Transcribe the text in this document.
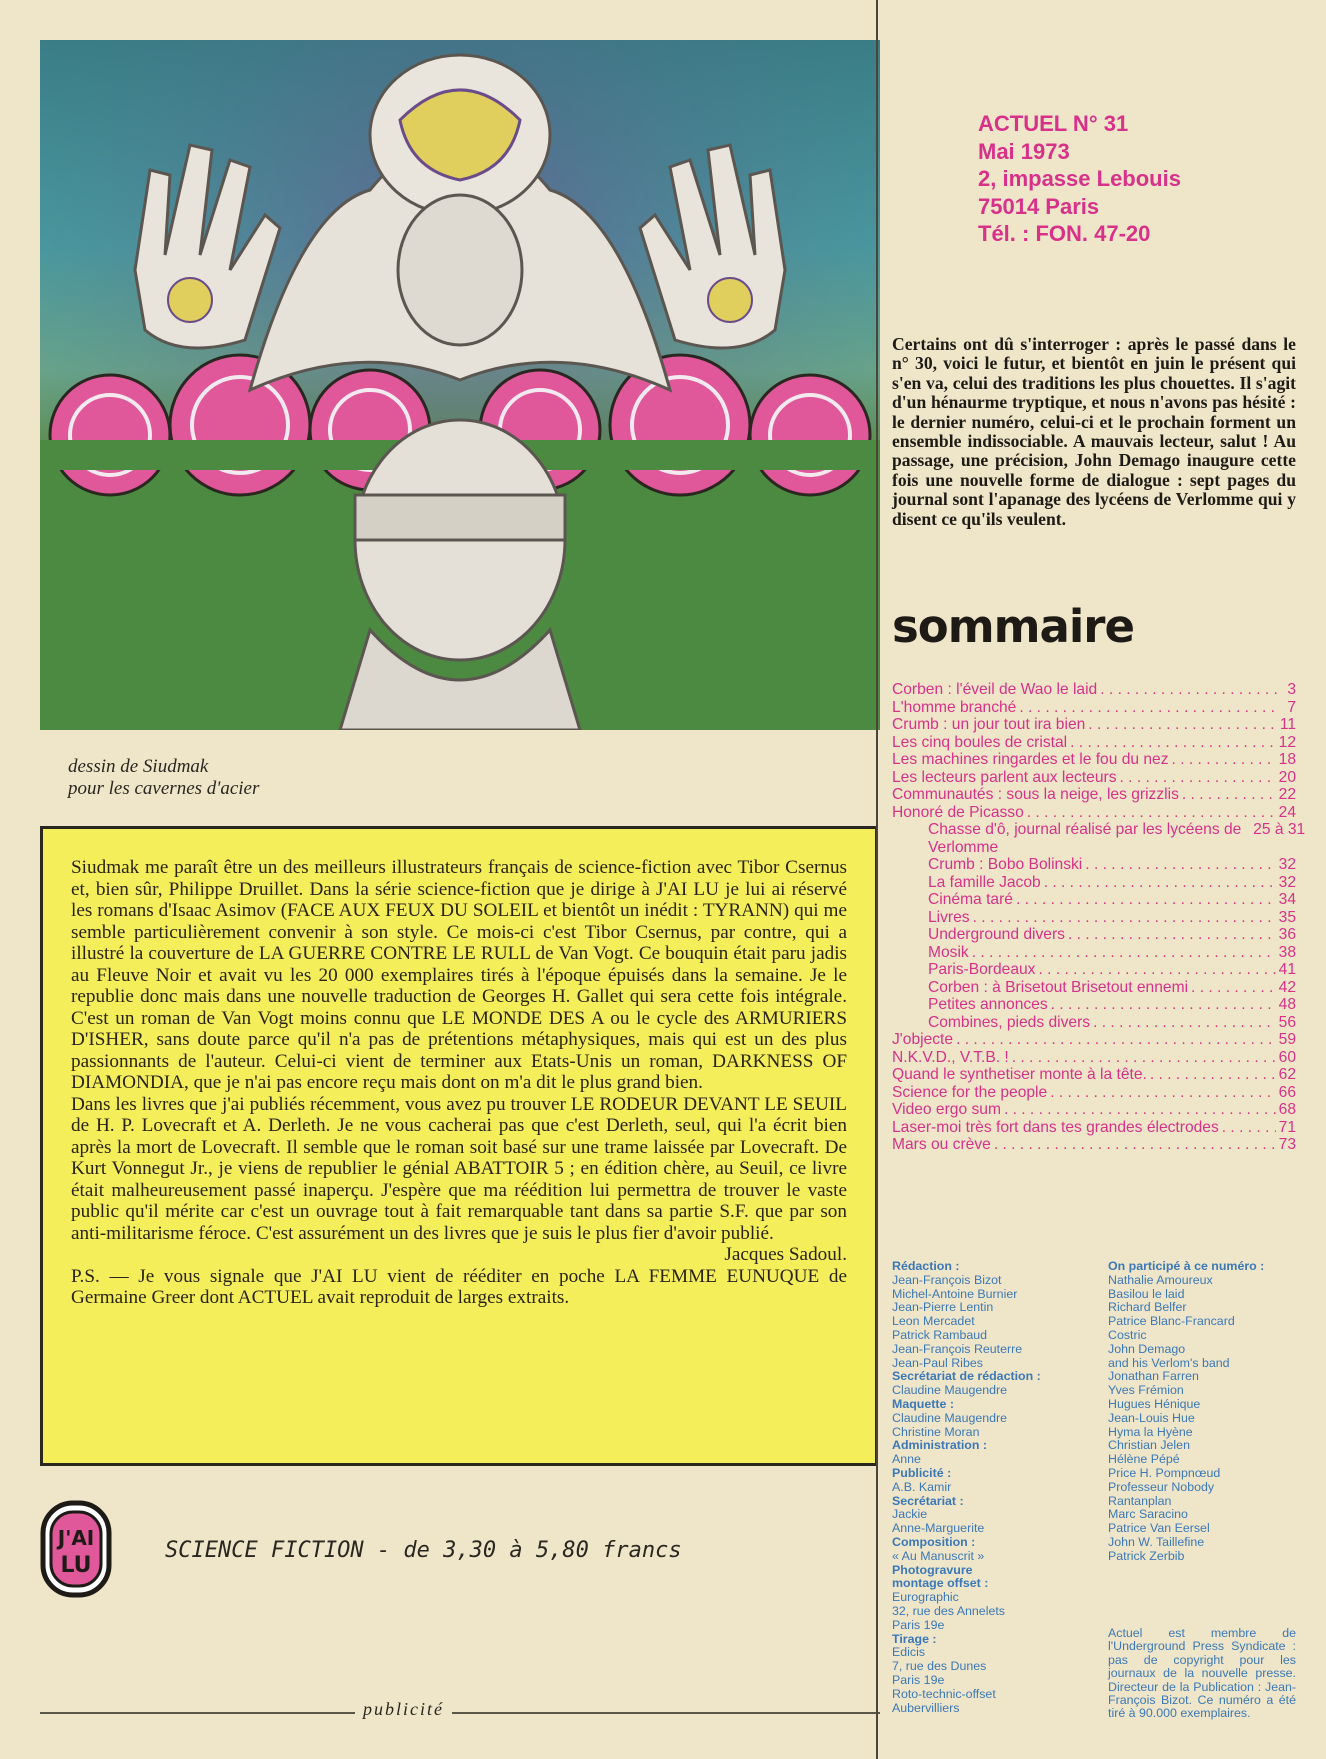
dessin de Siudmak
pour les cavernes d'acier

Siudmak me paraît être un des meilleurs illustrateurs français de science-fiction avec Tibor Csernus et, bien sûr, Philippe Druillet. Dans la série science-fiction que je dirige à J'AI LU je lui ai réservé les romans d'Isaac Asimov (FACE AUX FEUX DU SOLEIL et bientôt un inédit : TYRANN) qui me semble particulièrement convenir à son style. Ce mois-ci c'est Tibor Csernus, par contre, qui a illustré la couverture de LA GUERRE CONTRE LE RULL de Van Vogt. Ce bouquin était paru jadis au Fleuve Noir et avait vu les 20 000 exemplaires tirés à l'époque épuisés dans la semaine. Je le republie donc mais dans une nouvelle traduction de Georges H. Gallet qui sera cette fois intégrale. C'est un roman de Van Vogt moins connu que LE MONDE DES A ou le cycle des ARMURIERS D'ISHER, sans doute parce qu'il n'a pas de prétentions métaphysiques, mais qui est un des plus passionnants de l'auteur. Celui-ci vient de terminer aux Etats-Unis un roman, DARKNESS OF DIAMONDIA, que je n'ai pas encore reçu mais dont on m'a dit le plus grand bien.

Dans les livres que j'ai publiés récemment, vous avez pu trouver LE RODEUR DEVANT LE SEUIL de H. P. Lovecraft et A. Derleth. Je ne vous cacherai pas que c'est Derleth, seul, qui l'a écrit bien après la mort de Lovecraft. Il semble que le roman soit basé sur une trame laissée par Lovecraft. De Kurt Vonnegut Jr., je viens de republier le génial ABATTOIR 5 ; en édition chère, au Seuil, ce livre était malheureusement passé inaperçu. J'espère que ma réédition lui permettra de trouver le vaste public qu'il mérite car c'est un ouvrage tout à fait remarquable tant dans sa partie S.F. que par son anti-militarisme féroce. C'est assurément un des livres que je suis le plus fier d'avoir publié.

Jacques Sadoul.

P.S. — Je vous signale que J'AI LU vient de rééditer en poche LA FEMME EUNUQUE de Germaine Greer dont ACTUEL avait reproduit de larges extraits.

J'AI
LU
SCIENCE FICTION - de 3,30 à 5,80 francs
publicité
ACTUEL N° 31
Mai 1973
2, impasse Lebouis
75014 Paris
Tél. : FON. 47-20
Certains ont dû s'interroger : après le passé dans le n° 30, voici le futur, et bientôt en juin le présent qui s'en va, celui des traditions les plus chouettes. Il s'agit d'un hénaurme tryptique, et nous n'avons pas hésité : le dernier numéro, celui-ci et le prochain forment un ensemble indissociable. A mauvais lecteur, salut ! Au passage, une précision, John Demago inaugure cette fois une nouvelle forme de dialogue : sept pages du journal sont l'apanage des lycéens de Verlomme qui y disent ce qu'ils veulent.
sommaire
Corben : l'éveil de Wao le laid . . .	3
L'homme branché . . .	7
Crumb : un jour tout ira bien . . .	11
Les cinq boules de cristal . . .	12
Les machines ringardes et le fou du nez . . .	18
Les lecteurs parlent aux lecteurs . . .	20
Communautés : sous la neige, les grizzlis . . .	22
Honoré de Picasso . . .	24
Chasse d'ô, journal réalisé par les lycéens de Verlomme
25 à 31
Crumb : Bobo Bolinski . . .	32
La famille Jacob . . .	32
Cinéma taré . . .	34
Livres . . .	35
Underground divers . . .	36
Mosik . . .	38
Paris-Bordeaux . . .	41
Corben : à Brisetout Brisetout ennemi . . .	42
Petites annonces . . .	48
Combines, pieds divers . . .	56
J'objecte . . .	59
N.K.V.D., V.T.B. ! . . .	60
Quand le synthetiser monte à la tête. . . .	62
Science for the people . . .	66
Video ergo sum . . .	68
Laser-moi très fort dans tes grandes électrodes . . .	71
Mars ou crève . . .	73
Rédaction :
Jean-François Bizot
Michel-Antoine Burnier
Jean-Pierre Lentin
Leon Mercadet
Patrick Rambaud
Jean-François Reuterre
Jean-Paul Ribes
Secrétariat de rédaction :
Claudine Maugendre
Maquette :
Claudine Maugendre
Christine Moran
Administration :
Anne
Publicité :
A.B. Kamir
Secrétariat :
Jackie
Anne-Marguerite
Composition :
« Au Manuscrit »
Photogravure
montage offset :
Eurographic
32, rue des Annelets
Paris 19e
Tirage :
Edicis
7, rue des Dunes
Paris 19e
Roto-technic-offset
Aubervilliers
On participé à ce numéro :
Nathalie Amoureux
Basilou le laid
Richard Belfer
Patrice Blanc-Francard
Costric
John Demago
and his Verlom's band
Jonathan Farren
Yves Frémion
Hugues Hénique
Jean-Louis Hue
Hyma la Hyène
Christian Jelen
Hélène Pépé
Price H. Pompnœud
Professeur Nobody
Rantanplan
Marc Saracino
Patrice Van Eersel
John W. Taillefine
Patrick Zerbib
Actuel est membre de l'Underground Press Syndicate : pas de copyright pour les journaux de la nouvelle presse. Directeur de la Publication : Jean-François Bizot. Ce numéro a été tiré à 90.000 exemplaires.
